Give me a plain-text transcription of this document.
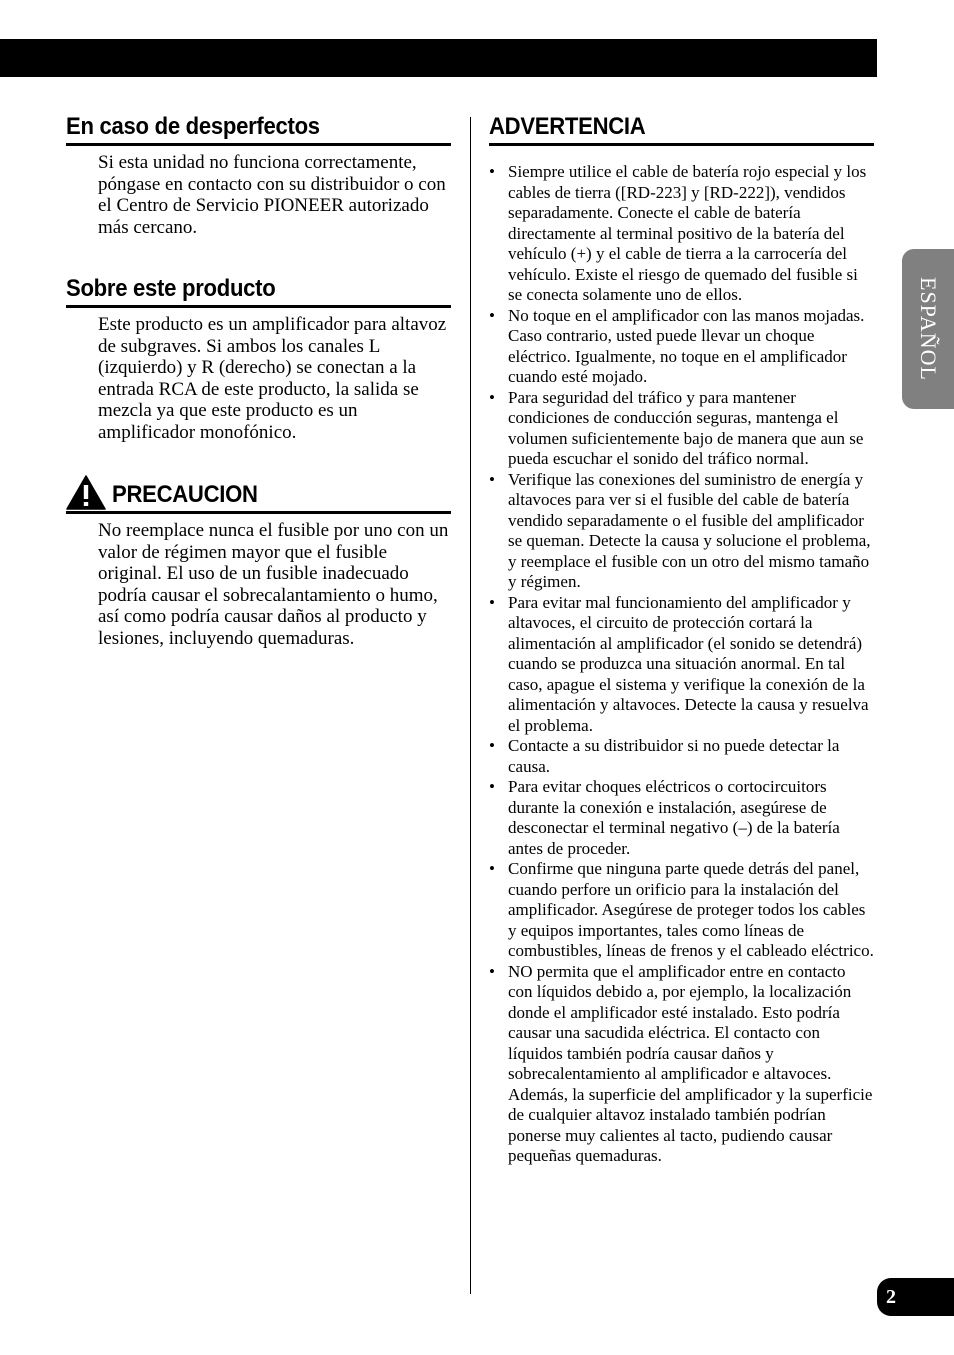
En caso de desperfectos

Si esta unidad no funciona correctamente, póngase en contacto con su distribuidor o con el Centro de Servicio PIONEER autorizado más cercano.

Sobre este producto

Este producto es un amplificador para altavoz de subgraves. Si ambos los canales L (izquierdo) y R (derecho) se conectan a la entrada RCA de este producto, la salida se mezcla ya que este producto es un amplificador monofónico.

PRECAUCION

No reemplace nunca el fusible por uno con un valor de régimen mayor que el fusible original. El uso de un fusible inadecuado podría causar el sobrecalantamiento o humo, así como podría causar daños al producto y lesiones, incluyendo quemaduras.

ADVERTENCIA
• Siempre utilice el cable de batería rojo especial y los cables de tierra ([RD-223] y [RD-222]), vendidos separadamente. Conecte el cable de batería directamente al terminal positivo de la batería del vehículo (+) y el cable de tierra a la carrocería del vehículo. Existe el riesgo de quemado del fusible si se conecta solamente uno de ellos.
• No toque en el amplificador con las manos mojadas. Caso contrario, usted puede llevar un choque eléctrico. Igualmente, no toque en el amplificador cuando esté mojado.
• Para seguridad del tráfico y para mantener condiciones de conducción seguras, mantenga el volumen suficientemente bajo de manera que aun se pueda escuchar el sonido del tráfico normal.
• Verifique las conexiones del suministro de energía y altavoces para ver si el fusible del cable de batería vendido separadamente o el fusible del amplificador se queman. Detecte la causa y solucione el problema, y reemplace el fusible con un otro del mismo tamaño y régimen.
• Para evitar mal funcionamiento del amplificador y altavoces, el circuito de protección cortará la alimentación al amplificador (el sonido se detendrá) cuando se produzca una situación anormal. En tal caso, apague el sistema y verifique la conexión de la alimentación y altavoces. Detecte la causa y resuelva el problema.
• Contacte a su distribuidor si no puede detectar la causa.
• Para evitar choques eléctricos o cortocircuitors durante la conexión e instalación, asegúrese de desconectar el terminal negativo (–) de la batería antes de proceder.
• Confirme que ninguna parte quede detrás del panel, cuando perfore un orificio para la instalación del amplificador. Asegúrese de proteger todos los cables y equipos importantes, tales como líneas de combustibles, líneas de frenos y el cableado eléctrico.
• NO permita que el amplificador entre en contacto con líquidos debido a, por ejemplo, la localización donde el amplificador esté instalado. Esto podría causar una sacudida eléctrica. El contacto con líquidos también podría causar daños y sobrecalentamiento al amplificador e altavoces. Además, la superficie del amplificador y la superficie de cualquier altavoz instalado también podrían ponerse muy calientes al tacto, pudiendo causar pequeñas quemaduras.
ESPAÑOL
2
